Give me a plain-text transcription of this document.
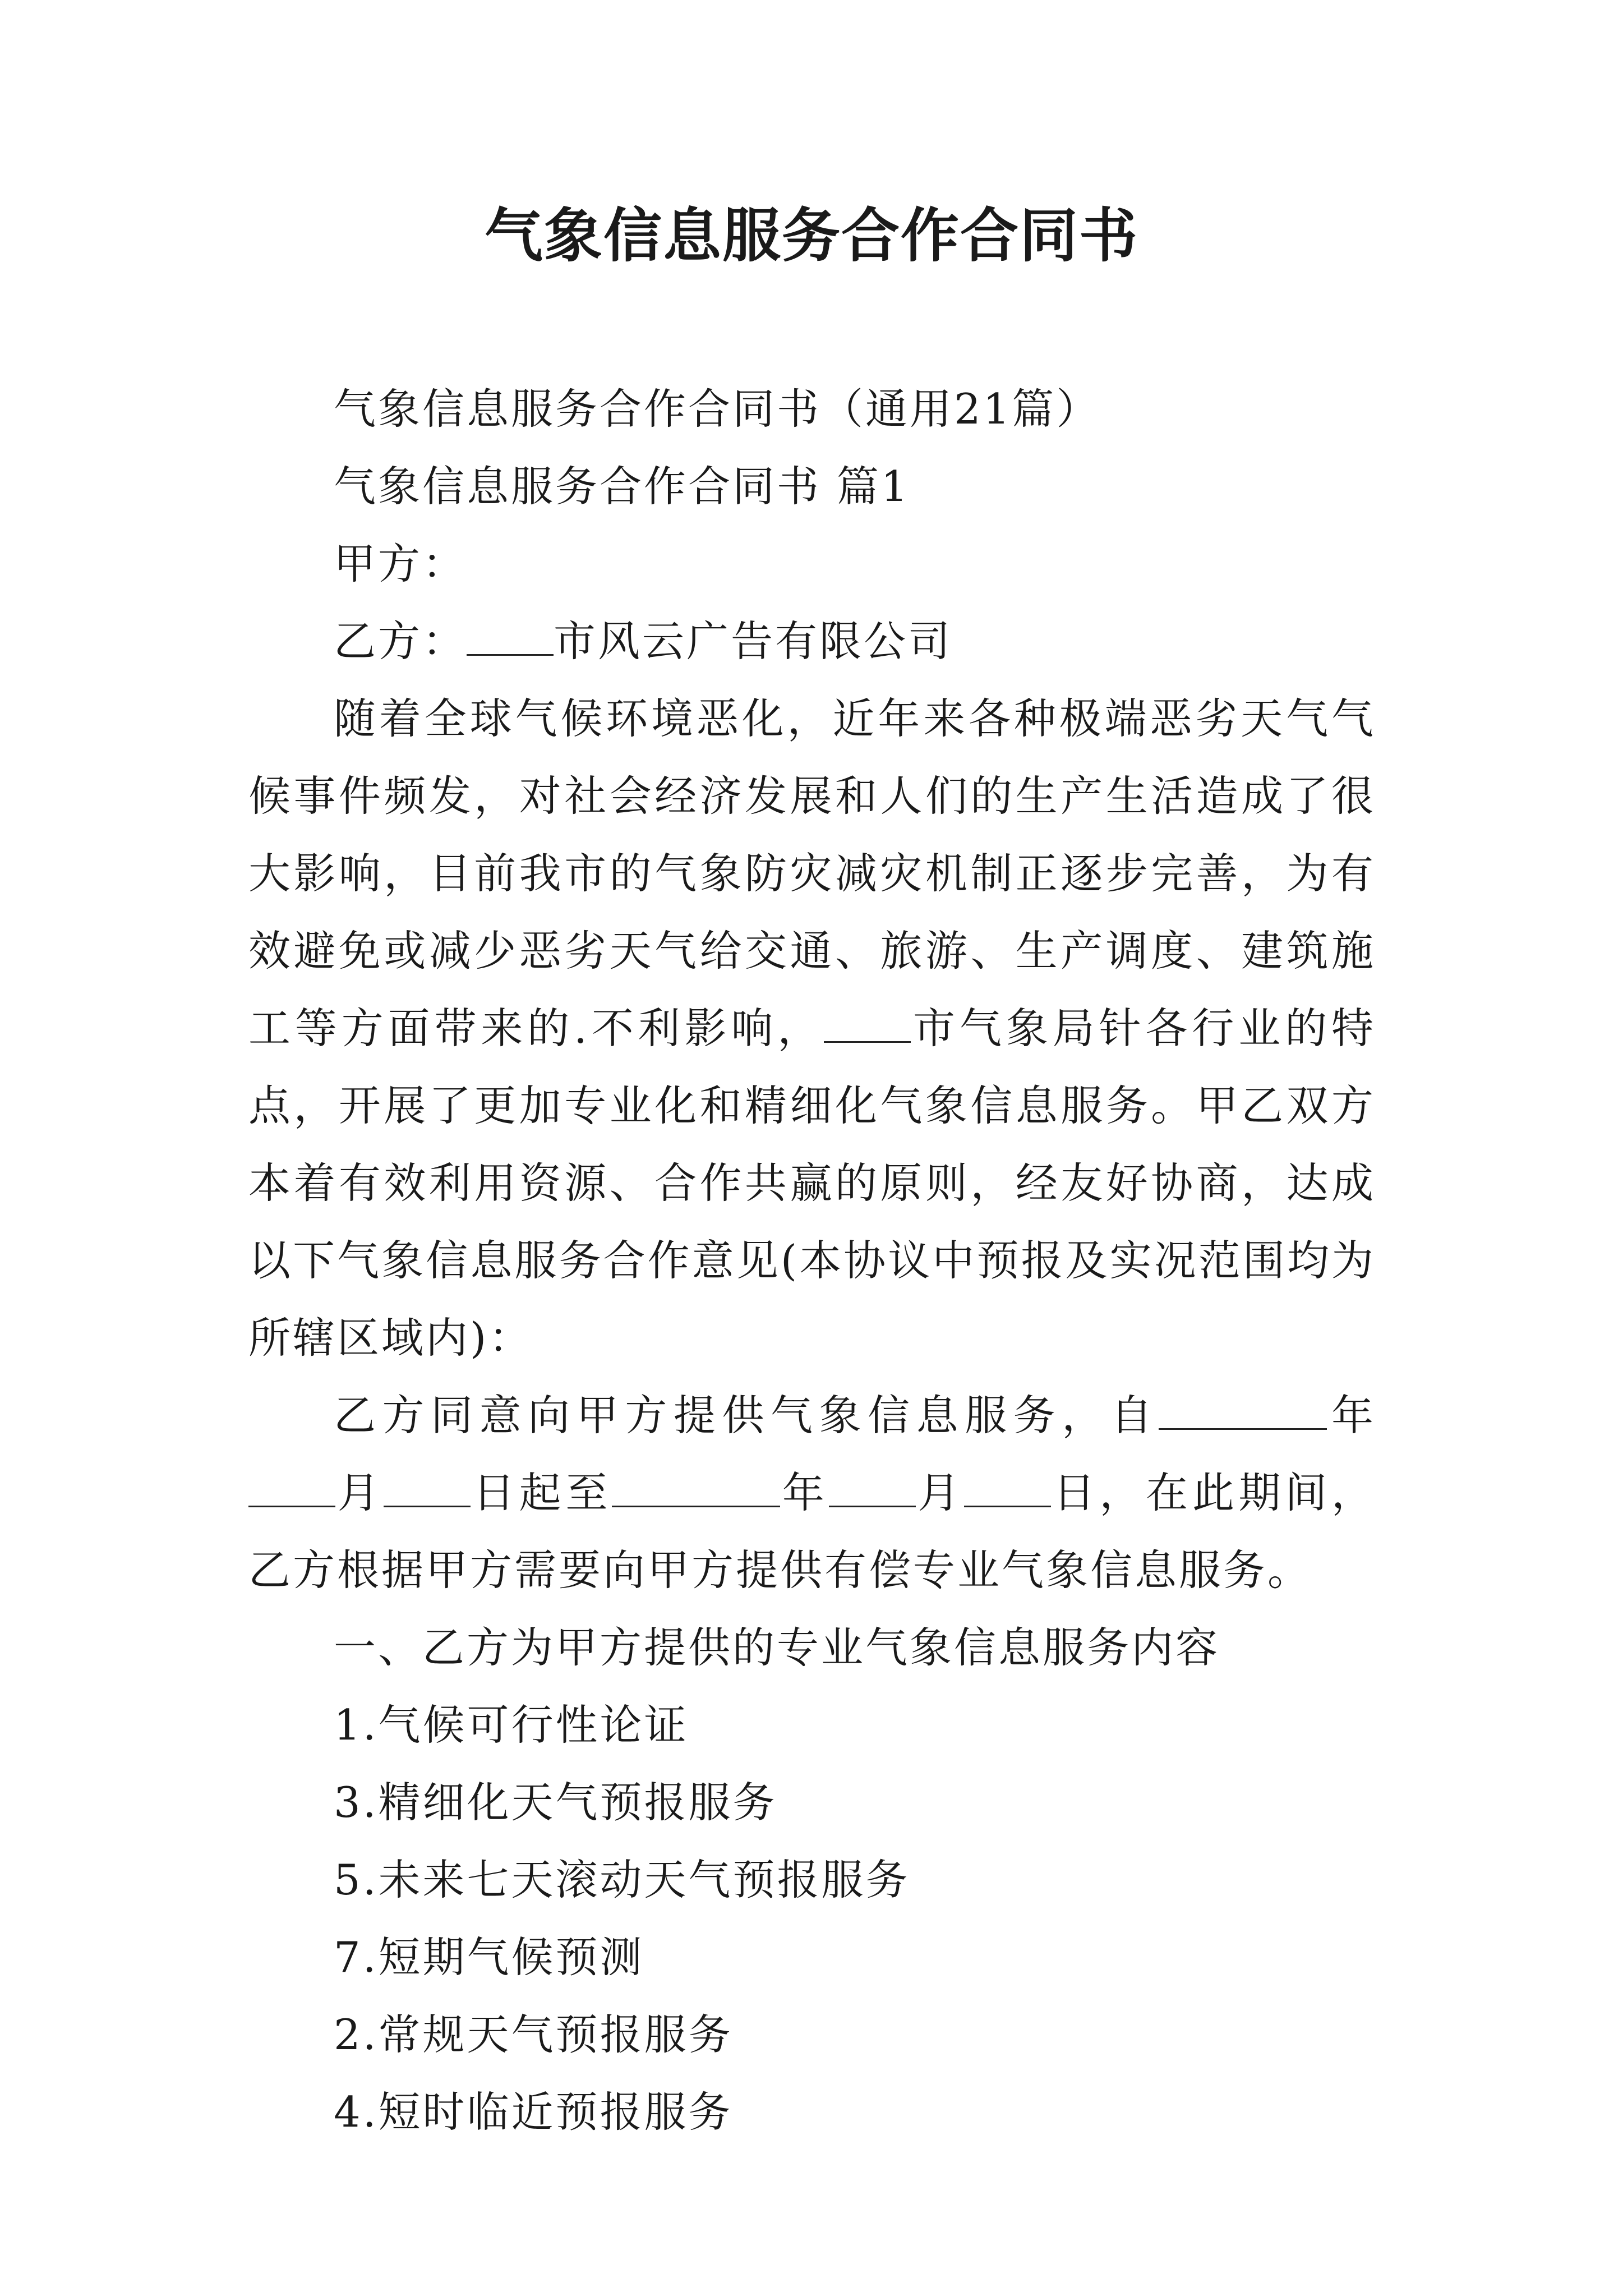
气象信息服务合作合同书

气象信息服务合作合同书（通用21篇）

气象信息服务合作合同书 篇1

甲方：

乙方： 市风云广告有限公司

随着全球气候环境恶化，近年来各种极端恶劣天气气候事件频发，对社会经济发展和人们的生产生活造成了很大影响，目前我市的气象防灾减灾机制正逐步完善，为有效避免或减少恶劣天气给交通、旅游、生产调度、建筑施工等方面带来的.不利影响， 市气象局针各行业的特点，开展了更加专业化和精细化气象信息服务。甲乙双方本着有效利用资源、合作共赢的原则，经友好协商，达成以下气象信息服务合作意见(本协议中预报及实况范围均为所辖区域内)：

乙方同意向甲方提供气象信息服务，自	年月 日起至	年 月 日，在此期间，乙方根据甲方需要向甲方提供有偿专业气象信息服务。

一、乙方为甲方提供的专业气象信息服务内容

1.气候可行性论证

3.精细化天气预报服务

5.未来七天滚动天气预报服务

7.短期气候预测

2.常规天气预报服务

4.短时临近预报服务
